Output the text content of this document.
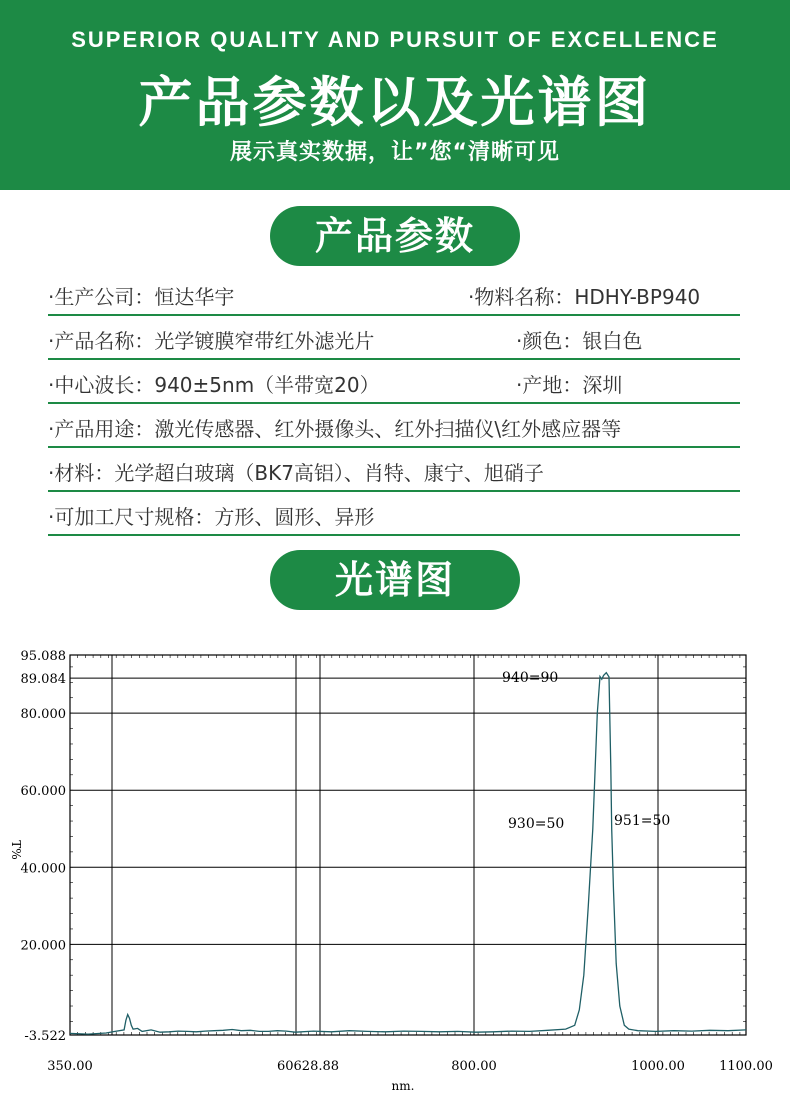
SUPERIOR QUALITY AND PURSUIT OF EXCELLENCE
产品参数以及光谱图
展示真实数据，让”您“清晰可见
产品参数
·生产公司：恒达华宇	·物料名称：HDHY-BP940
·产品名称：光学镀膜窄带红外滤光片	·颜色：银白色
·中心波长：940±5nm（半带宽20）	·产地：深圳
·产品用途：激光传感器、红外摄像头、红外扫描仪\红外感应器等
·材料：光学超白玻璃（BK7高铝）、肖特、康宁、旭硝子
·可加工尺寸规格：方形、圆形、异形
光谱图
95.088
89.084
80.000
60.000
40.000
20.000
-3.522
350.00	60628.88	800.00	1000.00	1100.00
nm.
T%
940=90
930=50	951=50
